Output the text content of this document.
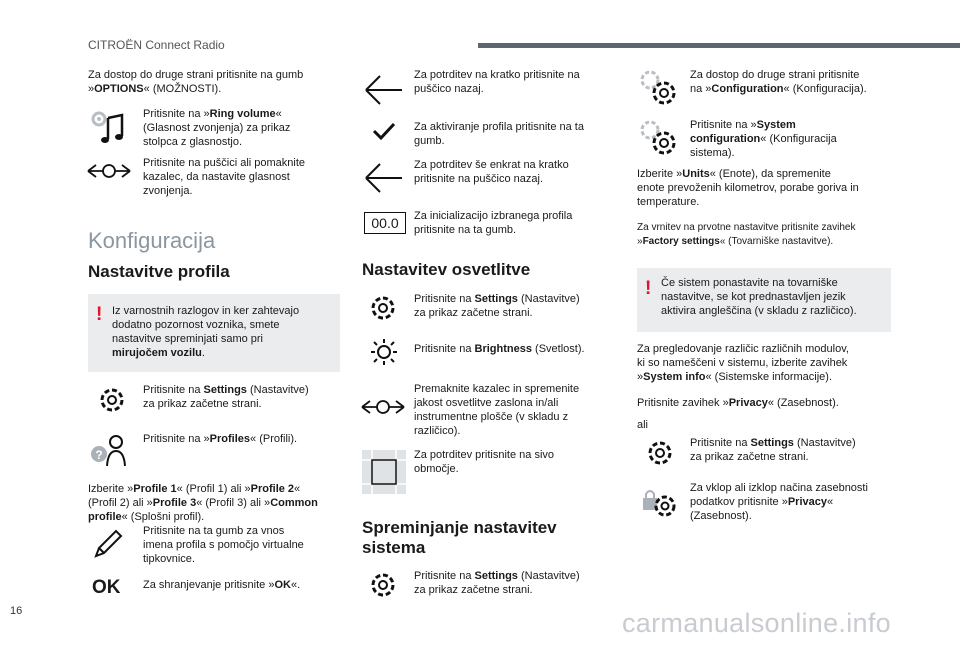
CITROËN Connect Radio

Za dostop do druge strani pritisnite na gumb
»OPTIONS« (MOŽNOSTI).

Pritisnite na »Ring volume«
(Glasnost zvonjenja) za prikaz
stolpca z glasnostjo.

Pritisnite na puščici ali pomaknite
kazalec, da nastavite glasnost
zvonjenja.

Konfiguracija
Nastavitve profila
! Iz varnostnih razlogov in ker zahtevajo
dodatno pozornost voznika, smete
nastavitve spreminjati samo pri
mirujočem vozilu.

Pritisnite na Settings (Nastavitve)
za prikaz začetne strani.

?

Pritisnite na »Profiles« (Profili).

Izberite »Profile 1« (Profil 1) ali »Profile 2«
(Profil 2) ali »Profile 3« (Profil 3) ali »Common
profile« (Splošni profil).

Pritisnite na ta gumb za vnos
imena profila s pomočjo virtualne
tipkovnice.

OK Za shranjevanje pritisnite »OK«.

Za potrditev na kratko pritisnite na
puščico nazaj.

Za aktiviranje profila pritisnite na ta
gumb.

Za potrditev še enkrat na kratko
pritisnite na puščico nazaj.

00.0	Za inicializacijo izbranega profila
pritisnite na ta gumb.

Nastavitev osvetlitve

Pritisnite na Settings (Nastavitve)
za prikaz začetne strani.

Pritisnite na Brightness (Svetlost).

Premaknite kazalec in spremenite
jakost osvetlitve zaslona in/ali
instrumentne plošče (v skladu z
različico).

Za potrditev pritisnite na sivo
območje.

Spreminjanje nastavitev
sistema

Pritisnite na Settings (Nastavitve)
za prikaz začetne strani.

Za dostop do druge strani pritisnite
na »Configuration« (Konfiguracija).

Pritisnite na »System
configuration« (Konfiguracija
sistema).

Izberite »Units« (Enote), da spremenite
enote prevoženih kilometrov, porabe goriva in
temperature.

Za vrnitev na prvotne nastavitve pritisnite zavihek
»Factory settings« (Tovarniške nastavitve).

! Če sistem ponastavite na tovarniške
nastavitve, se kot prednastavljen jezik
aktivira angleščina (v skladu z različico).

Za pregledovanje različic različnih modulov,
ki so nameščeni v sistemu, izberite zavihek
»System info« (Sistemske informacije).

Pritisnite zavihek »Privacy« (Zasebnost).

ali

Pritisnite na Settings (Nastavitve)
za prikaz začetne strani.

Za vklop ali izklop načina zasebnosti
podatkov pritisnite »Privacy«
(Zasebnost).

16	carmanualsonline.info
